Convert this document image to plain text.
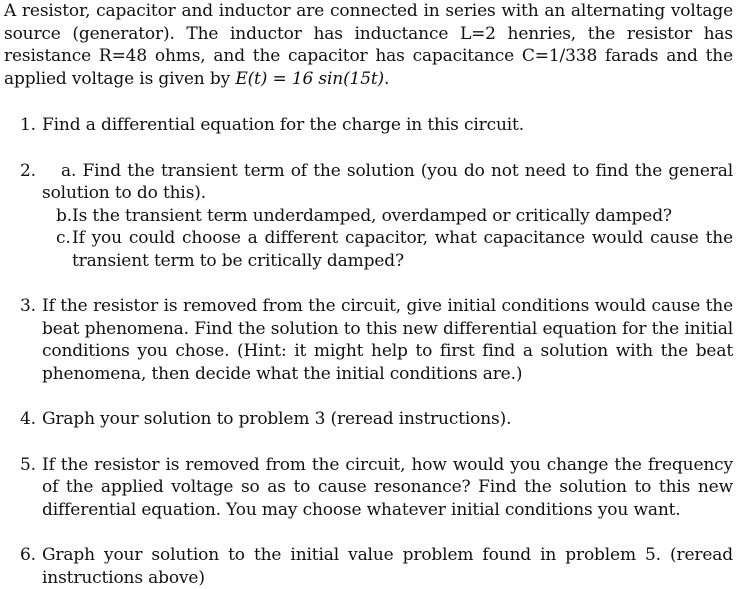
A resistor, capacitor and inductor are connected in series with an alternating voltage source (generator). The inductor has inductance L=2 henries, the resistor has resistance R=48 ohms, and the capacitor has capacitance C=1/338 farads and the applied voltage is given by E(t) = 16 sin(15t).

1. Find a differential equation for the charge in this circuit.
2.	a. Find the transient term of the solution (you do not need to find the general solution to do this).
b. Is the transient term underdamped, overdamped or critically damped?
c. If you could choose a different capacitor, what capacitance would cause the transient term to be critically damped?
3. If the resistor is removed from the circuit, give initial conditions would cause the beat phenomena. Find the solution to this new differential equation for the initial conditions you chose. (Hint: it might help to first find a solution with the beat phenomena, then decide what the initial conditions are.)
4. Graph your solution to problem 3 (reread instructions).
5. If the resistor is removed from the circuit, how would you change the frequency of the applied voltage so as to cause resonance? Find the solution to this new differential equation. You may choose whatever initial conditions you want.
6. Graph your solution to the initial value problem found in problem 5. (reread instructions above)
